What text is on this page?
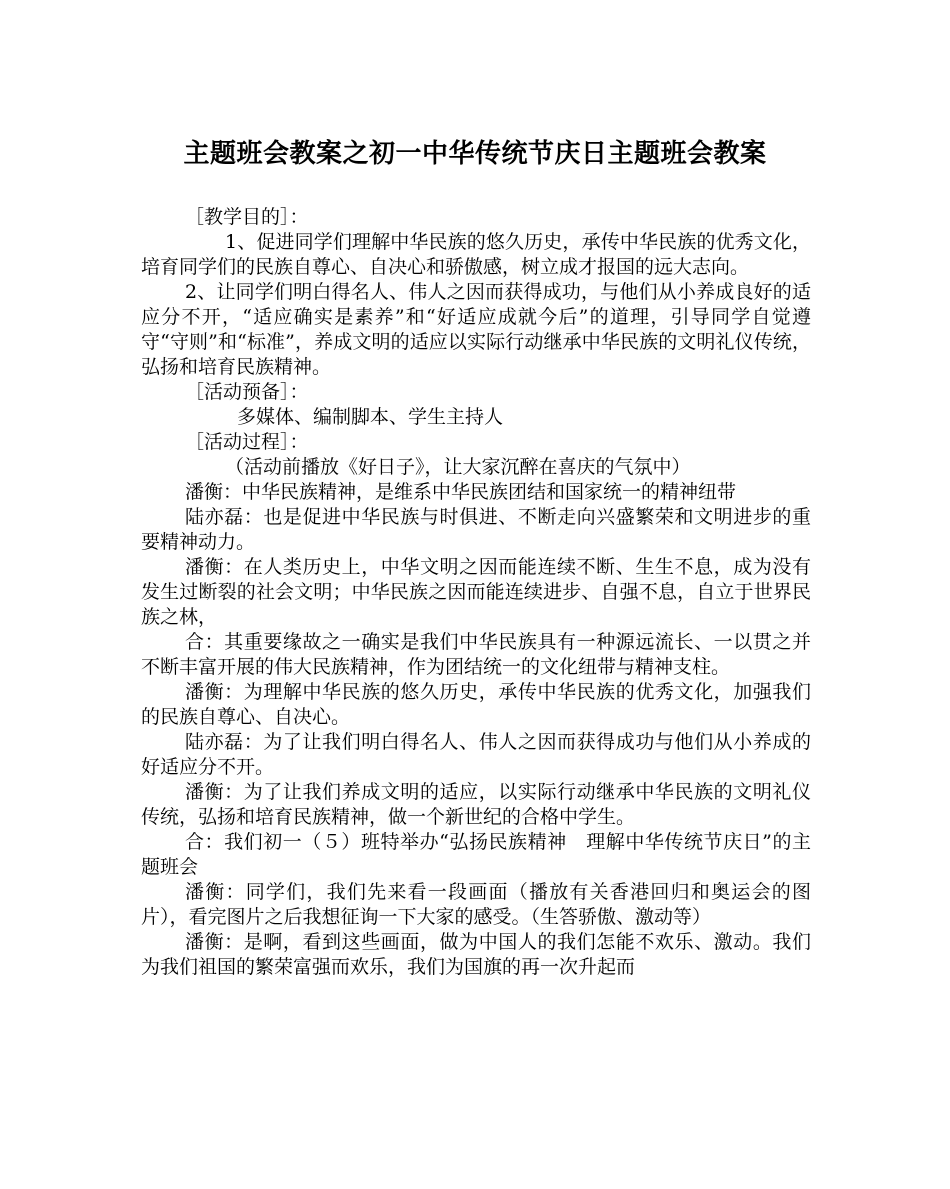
主题班会教案之初一中华传统节庆日主题班会教案

［教学目的］：

1、促进同学们理解中华民族的悠久历史，承传中华民族的优秀文化，培育同学们的民族自尊心、自决心和骄傲感，树立成才报国的远大志向。

2、让同学们明白得名人、伟人之因而获得成功，与他们从小养成良好的适应分不开，“适应确实是素养”和“好适应成就今后”的道理，引导同学自觉遵守“守则”和“标准”，养成文明的适应以实际行动继承中华民族的文明礼仪传统，弘扬和培育民族精神。

［活动预备］：

多媒体、编制脚本、学生主持人

［活动过程］：

（活动前播放《好日子》，让大家沉醉在喜庆的气氛中）

潘衡：中华民族精神，是维系中华民族团结和国家统一的精神纽带

陆亦磊：也是促进中华民族与时俱进、不断走向兴盛繁荣和文明进步的重要精神动力。

潘衡：在人类历史上，中华文明之因而能连续不断、生生不息，成为没有发生过断裂的社会文明；中华民族之因而能连续进步、自强不息，自立于世界民族之林，

合：其重要缘故之一确实是我们中华民族具有一种源远流长、一以贯之并不断丰富开展的伟大民族精神，作为团结统一的文化纽带与精神支柱。

潘衡：为理解中华民族的悠久历史，承传中华民族的优秀文化，加强我们的民族自尊心、自决心。

陆亦磊：为了让我们明白得名人、伟人之因而获得成功与他们从小养成的好适应分不开。

潘衡：为了让我们养成文明的适应，以实际行动继承中华民族的文明礼仪传统，弘扬和培育民族精神，做一个新世纪的合格中学生。

合：我们初一（５）班特举办“弘扬民族精神　理解中华传统节庆日”的主题班会

潘衡：同学们，我们先来看一段画面（播放有关香港回归和奥运会的图片），看完图片之后我想征询一下大家的感受。（生答骄傲、激动等）

潘衡：是啊，看到这些画面，做为中国人的我们怎能不欢乐、激动。我们为我们祖国的繁荣富强而欢乐，我们为国旗的再一次升起而
